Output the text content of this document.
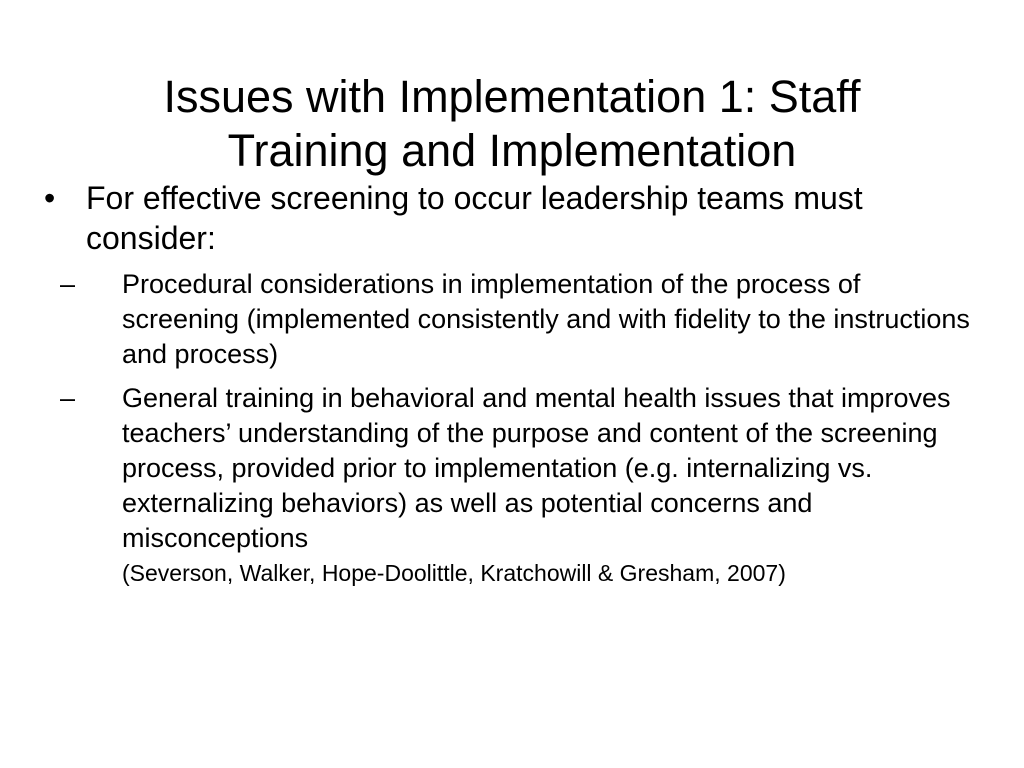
Issues with Implementation 1: Staff
Training and Implementation
• For effective screening to occur leadership teams must consider:
– Procedural considerations in implementation of the process of screening (implemented consistently and with fidelity to the instructions and process)
– General training in behavioral and mental health issues that improves teachers’ understanding of the purpose and content of the screening process, provided prior to implementation (e.g. internalizing vs. externalizing behaviors) as well as potential concerns and misconceptions
(Severson, Walker, Hope-Doolittle, Kratchowill & Gresham, 2007)
